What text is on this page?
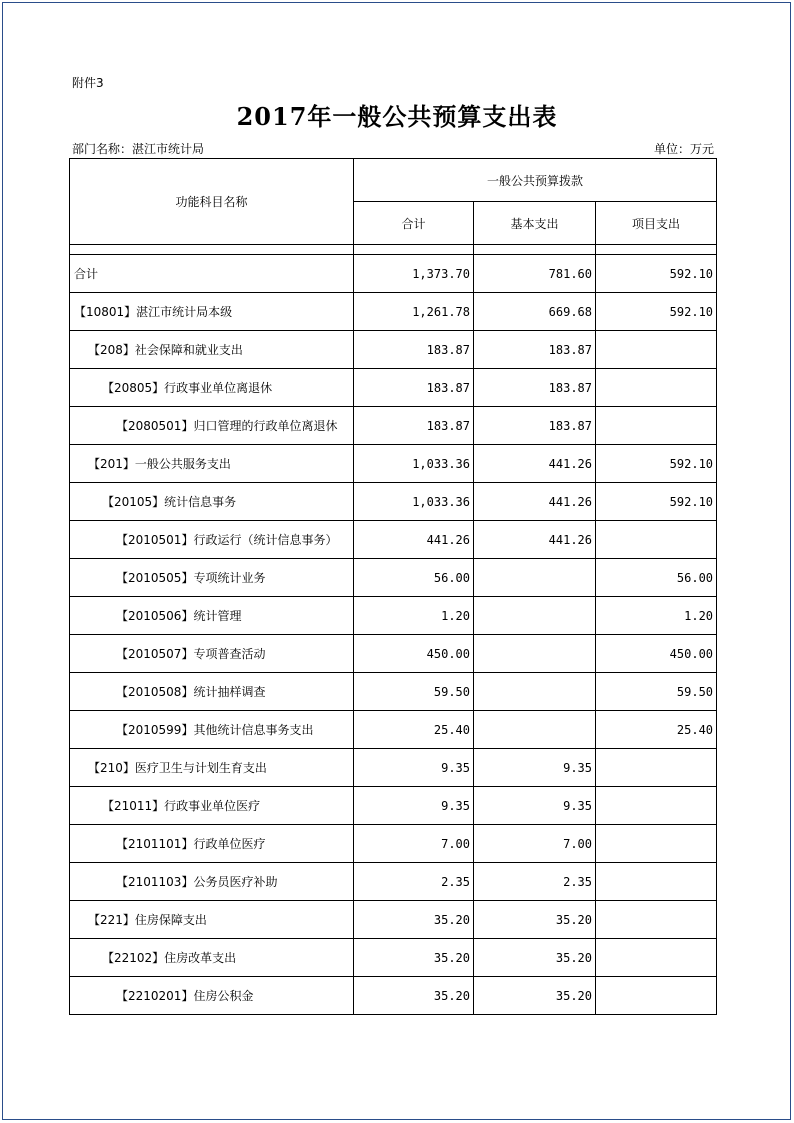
附件3
2017年一般公共预算支出表
部门名称：湛江市统计局	单位：万元
功能科目名称	一般公共预算拨款		
	合计	基本支出	项目支出

合计	1,373.70	781.60	592.10
【10801】湛江市统计局本级	1,261.78	669.68	592.10
【208】社会保障和就业支出	183.87	183.87	
【20805】行政事业单位离退休	183.87	183.87	
【2080501】归口管理的行政单位离退休	183.87	183.87	
【201】一般公共服务支出	1,033.36	441.26	592.10
【20105】统计信息事务	1,033.36	441.26	592.10
【2010501】行政运行（统计信息事务）	441.26	441.26	
【2010505】专项统计业务	56.00		56.00
【2010506】统计管理	1.20		1.20
【2010507】专项普查活动	450.00		450.00
【2010508】统计抽样调查	59.50		59.50
【2010599】其他统计信息事务支出	25.40		25.40
【210】医疗卫生与计划生育支出	9.35	9.35	
【21011】行政事业单位医疗	9.35	9.35	
【2101101】行政单位医疗	7.00	7.00	
【2101103】公务员医疗补助	2.35	2.35	
【221】住房保障支出	35.20	35.20	
【22102】住房改革支出	35.20	35.20	
【2210201】住房公积金	35.20	35.20	
